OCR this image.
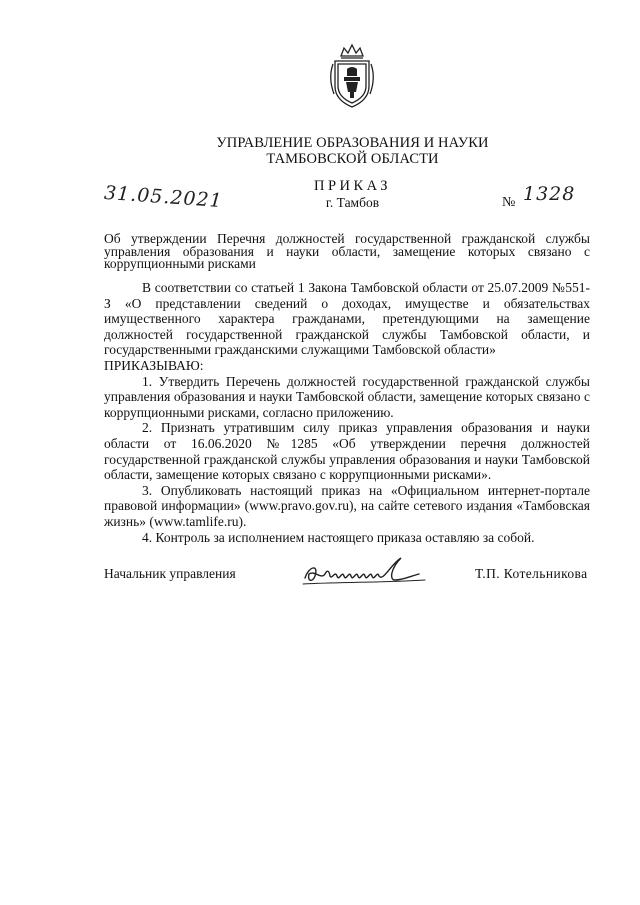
УПРАВЛЕНИЕ ОБРАЗОВАНИЯ И НАУКИ
ТАМБОВСКОЙ ОБЛАСТИ
ПРИКАЗ
г. Тамбов
31.05.2021	№ 1328
Об утверждении Перечня должностей государственной гражданской службы управления образования и науки области, замещение которых связано с коррупционными рисками

В соответствии со статьей 1 Закона Тамбовской области от 25.07.2009 №551-З «О представлении сведений о доходах, имуществе и обязательствах имущественного характера гражданами, претендующими на замещение должностей государственной гражданской службы Тамбовской области, и государственными гражданскими служащими Тамбовской области»

ПРИКАЗЫВАЮ:

1. Утвердить Перечень должностей государственной гражданской службы управления образования и науки Тамбовской области, замещение которых связано с коррупционными рисками, согласно приложению.

2. Признать утратившим силу приказ управления образования и науки области от 16.06.2020 №1285 «Об утверждении перечня должностей государственной гражданской службы управления образования и науки Тамбовской области, замещение которых связано с коррупционными рисками».

3. Опубликовать настоящий приказ на «Официальном интернет-портале правовой информации» (www.pravo.gov.ru), на сайте сетевого издания «Тамбовская жизнь» (www.tamlife.ru).

4. Контроль за исполнением настоящего приказа оставляю за собой.

Начальник управления	Т.П. Котельникова
